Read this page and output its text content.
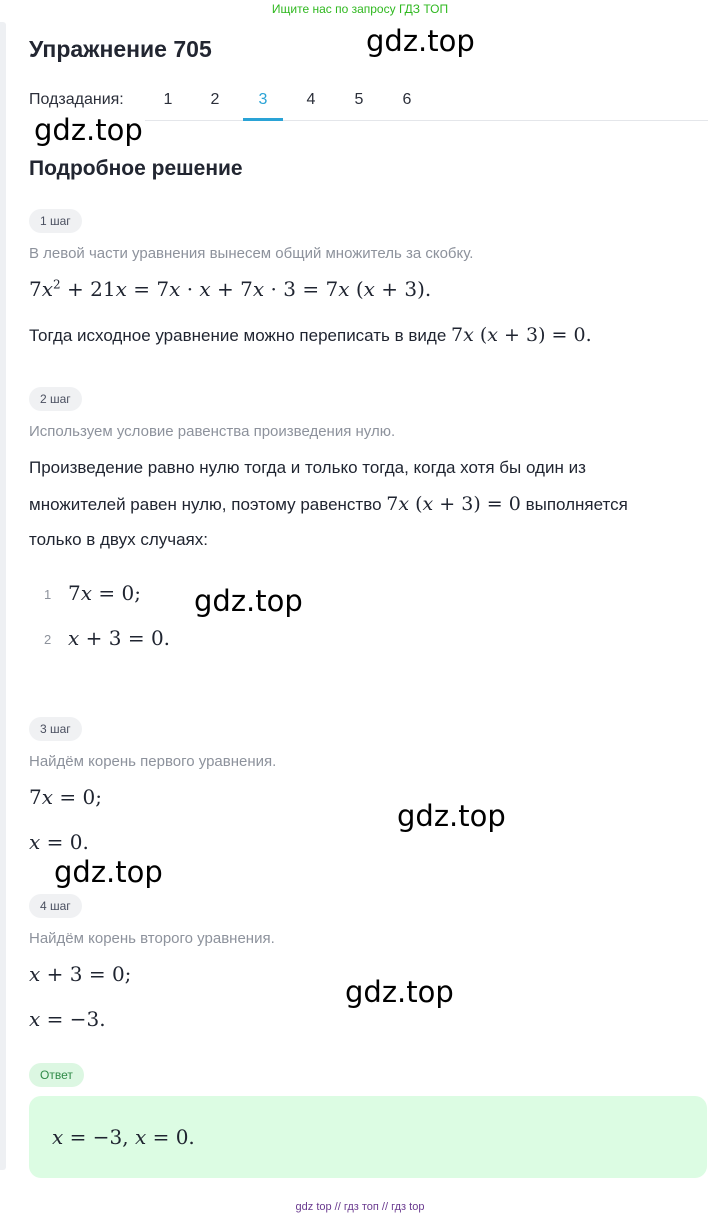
Ищите нас по запросу ГДЗ ТОП
Упражнение 705	gdz.top
gdz.top
gdz.top
gdz.top
gdz.top
gdz.top
Подзадания:	1	2	3	4	5	6
Подробное решение
1 шаг
В левой части уравнения вынесем общий множитель за скобку.
$7x^2 + 21x = 7x \cdot x + 7x \cdot 3 = 7x$ (x + 3).
Тогда исходное уравнение можно переписать в виде 7x (x + 3) = 0.
2 шаг
Используем условие равенства произведения нулю.
Произведение равно нулю тогда и только тогда, когда хотя бы один из
множителей равен нулю, поэтому равенство 7x (x + 3) = 0 выполняется
только в двух случаях:
1 7x = 0;
2 x + 3 = 0.
3 шаг
Найдём корень первого уравнения.
7x = 0;
x = 0.
4 шаг
Найдём корень второго уравнения.
x + 3 = 0;
x = −3.
Ответ
x = −3, x = 0.
gdz top // гдз топ // гдз top
